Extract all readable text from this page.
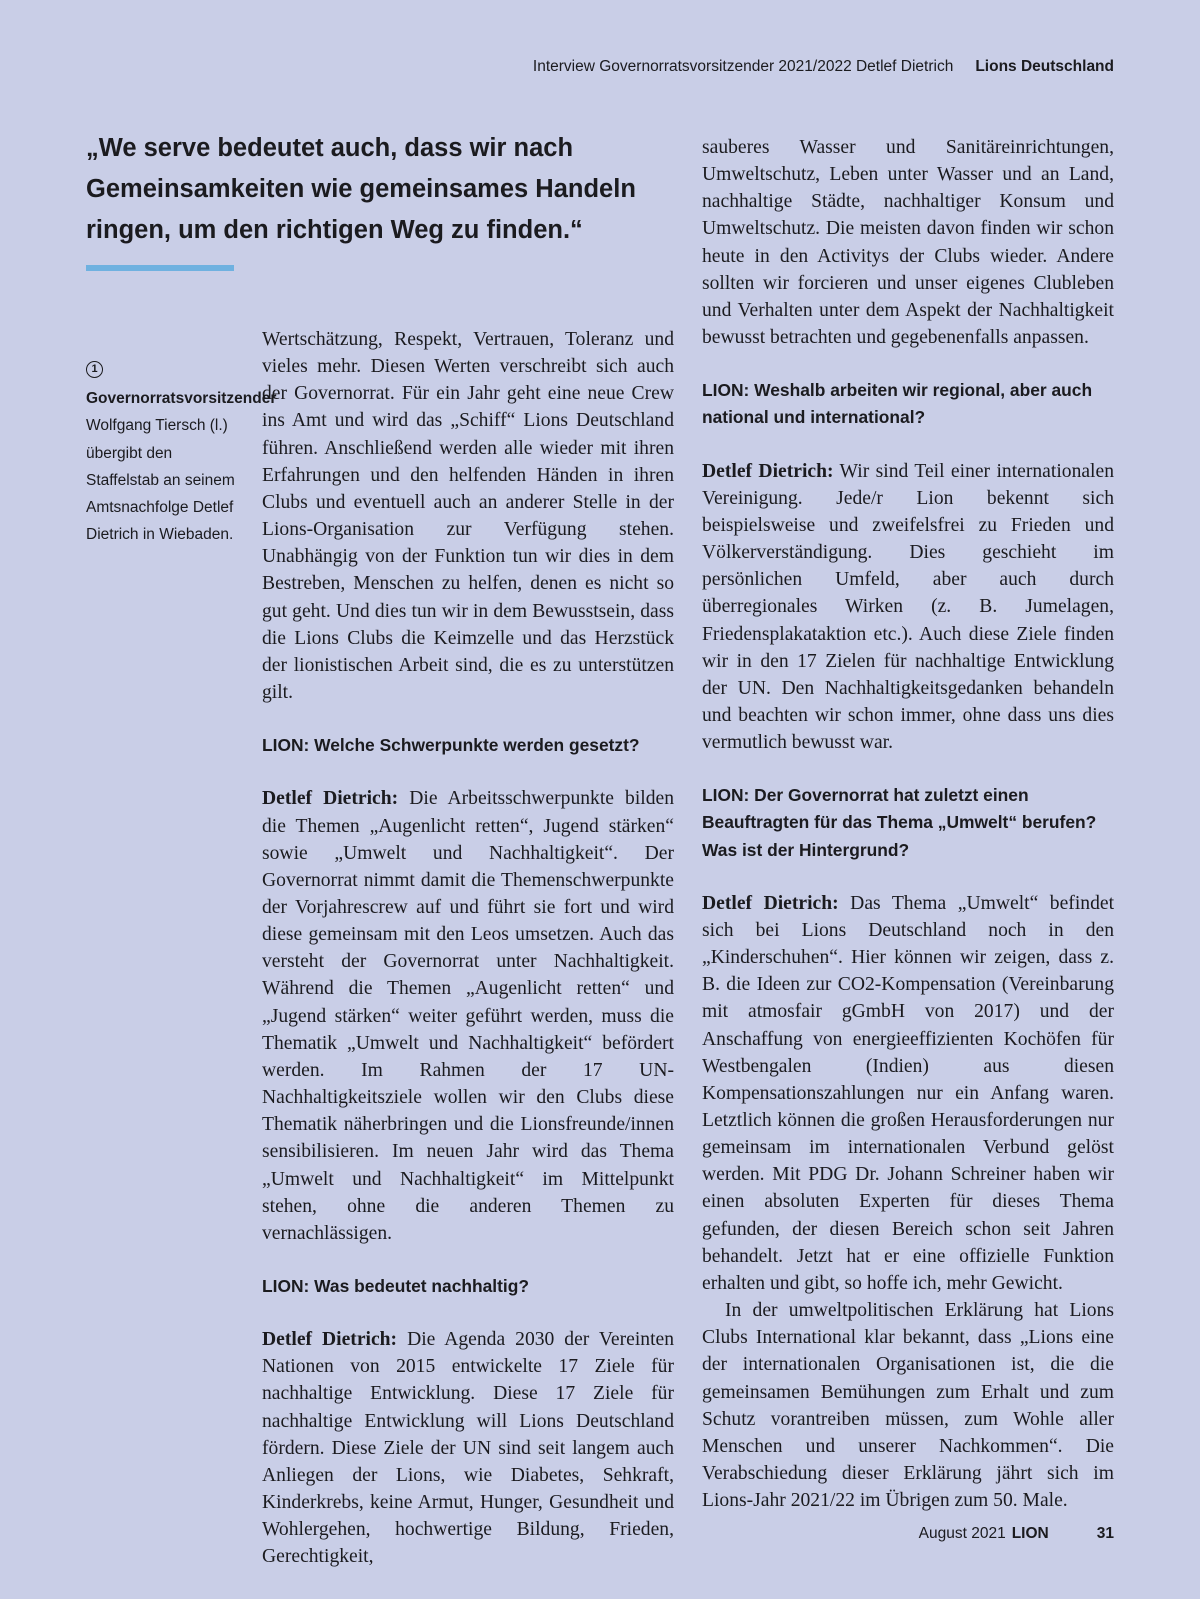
Interview Governorratsvorsitzender 2021/2022 Detlef Dietrich Lions Deutschland
„We serve bedeutet auch, dass wir nach Gemeinsamkeiten wie gemeinsames Handeln ringen, um den richtigen Weg zu finden.“
1

Governorratsvorsitzender Wolfgang Tiersch (l.) übergibt den Staffelstab an seinem Amtsnachfolge Detlef Dietrich in Wiebaden.

Wertschätzung, Respekt, Vertrauen, Toleranz und vieles mehr. Diesen Werten verschreibt sich auch der Governorrat. Für ein Jahr geht eine neue Crew ins Amt und wird das „Schiff“ Lions Deutschland führen. Anschließend werden alle wieder mit ihren Erfahrungen und den helfenden Händen in ihren Clubs und eventuell auch an anderer Stelle in der Lions-Organisation zur Verfügung stehen. Unabhängig von der Funktion tun wir dies in dem Bestreben, Menschen zu helfen, denen es nicht so gut geht. Und dies tun wir in dem Bewusstsein, dass die Lions Clubs die Keimzelle und das Herzstück der lionistischen Arbeit sind, die es zu unterstützen gilt.

LION: Welche Schwerpunkte werden gesetzt?

Detlef Dietrich: Die Arbeitsschwerpunkte bilden die Themen „Augenlicht retten“, Jugend stärken“ sowie „Umwelt und Nachhaltigkeit“. Der Governorrat nimmt damit die Themenschwerpunkte der Vorjahrescrew auf und führt sie fort und wird diese gemeinsam mit den Leos umsetzen. Auch das versteht der Governorrat unter Nachhaltigkeit. Während die Themen „Augenlicht retten“ und „Jugend stärken“ weiter geführt werden, muss die Thematik „Umwelt und Nachhaltigkeit“ befördert werden. Im Rahmen der 17 UN-Nachhaltigkeitsziele wollen wir den Clubs diese Thematik näherbringen und die Lionsfreunde/innen sensibilisieren. Im neuen Jahr wird das Thema „Umwelt und Nachhaltigkeit“ im Mittelpunkt stehen, ohne die anderen Themen zu vernachlässigen.

LION: Was bedeutet nachhaltig?

Detlef Dietrich: Die Agenda 2030 der Vereinten Nationen von 2015 entwickelte 17 Ziele für nachhaltige Entwicklung. Diese 17 Ziele für nachhaltige Entwicklung will Lions Deutschland fördern. Diese Ziele der UN sind seit langem auch Anliegen der Lions, wie Diabetes, Sehkraft, Kinderkrebs, keine Armut, Hunger, Gesundheit und Wohlergehen, hochwertige Bildung, Frieden, Gerechtigkeit,

sauberes Wasser und Sanitäreinrichtungen, Umweltschutz, Leben unter Wasser und an Land, nachhaltige Städte, nachhaltiger Konsum und Umweltschutz. Die meisten davon finden wir schon heute in den Activitys der Clubs wieder. Andere sollten wir forcieren und unser eigenes Clubleben und Verhalten unter dem Aspekt der Nachhaltigkeit bewusst betrachten und gegebenenfalls anpassen.

LION: Weshalb arbeiten wir regional, aber auch national und international?

Detlef Dietrich: Wir sind Teil einer internationalen Vereinigung. Jede/r Lion bekennt sich beispielsweise und zweifelsfrei zu Frieden und Völkerverständigung. Dies geschieht im persönlichen Umfeld, aber auch durch überregionales Wirken (z. B. Jumelagen, Friedensplakataktion etc.). Auch diese Ziele finden wir in den 17 Zielen für nachhaltige Entwicklung der UN. Den Nachhaltigkeitsgedanken behandeln und beachten wir schon immer, ohne dass uns dies vermutlich bewusst war.

LION: Der Governorrat hat zuletzt einen Beauftragten für das Thema „Umwelt“ berufen? Was ist der Hintergrund?

Detlef Dietrich: Das Thema „Umwelt“ befindet sich bei Lions Deutschland noch in den „Kinderschuhen“. Hier können wir zeigen, dass z. B. die Ideen zur CO2-Kompensation (Vereinbarung mit atmosfair gGmbH von 2017) und der Anschaffung von energieeffizienten Kochöfen für Westbengalen (Indien) aus diesen Kompensationszahlungen nur ein Anfang waren. Letztlich können die großen Herausforderungen nur gemeinsam im internationalen Verbund gelöst werden. Mit PDG Dr. Johann Schreiner haben wir einen absoluten Experten für dieses Thema gefunden, der diesen Bereich schon seit Jahren behandelt. Jetzt hat er eine offizielle Funktion erhalten und gibt, so hoffe ich, mehr Gewicht.

In der umweltpolitischen Erklärung hat Lions Clubs International klar bekannt, dass „Lions eine der internationalen Organisationen ist, die die gemeinsamen Bemühungen zum Erhalt und zum Schutz vorantreiben müssen, zum Wohle aller Menschen und unserer Nachkommen“. Die Verabschiedung dieser Erklärung jährt sich im Lions-Jahr 2021/22 im Übrigen zum 50. Male.

August 2021 LION	31
